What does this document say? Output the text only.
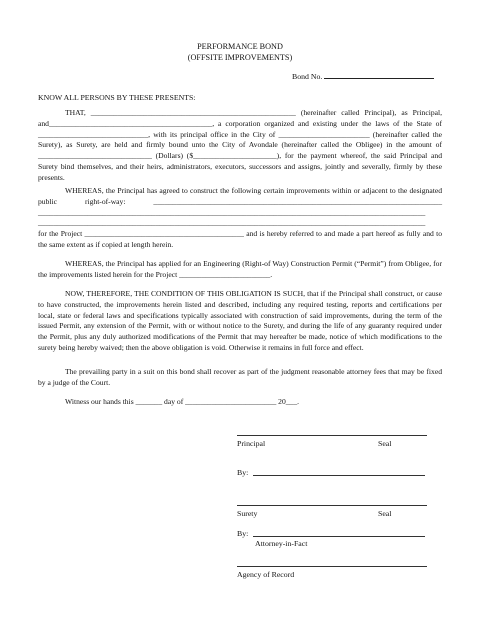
PERFORMANCE BOND
(OFFSITE IMPROVEMENTS)
Bond No.
KNOW ALL PERSONS BY THESE PRESENTS:
THAT, ______________________________________________________ (hereinafter called Principal), as Principal, and___________________________________________, a corporation organized and existing under the laws of the State of _____________________________, with its principal office in the City of ________________________ (hereinafter called the Surety), as Surety, are held and firmly bound unto the City of Avondale (hereinafter called the Obligee) in the amount of ______________________________ (Dollars) ($______________________), for the payment whereof, the said Principal and Surety bind themselves, and their heirs, administrators, executors, successors and assigns, jointly and severally, firmly by these presents.
WHEREAS, the Principal has agreed to construct the following certain improvements within or adjacent to the designated public right-of-way: ____________________________________________________________________________ ______________________________________________________________________________________________________ ______________________________________________________________________________________________________
for the Project __________________________________________ and is hereby referred to and made a part hereof as fully and to the same extent as if copied at length herein.
WHEREAS, the Principal has applied for an Engineering (Right-of Way) Construction Permit (“Permit”) from Obligee, for the improvements listed herein for the Project ________________________.
NOW, THEREFORE, THE CONDITION OF THIS OBLIGATION IS SUCH, that if the Principal shall construct, or cause to have constructed, the improvements herein listed and described, including any required testing, reports and certifications per local, state or federal laws and specifications typically associated with construction of said improvements, during the term of the issued Permit, any extension of the Permit, with or without notice to the Surety, and during the life of any guaranty required under the Permit, plus any duly authorized modifications of the Permit that may hereafter be made, notice of which modifications to the surety being hereby waived; then the above obligation is void. Otherwise it remains in full force and effect.
The prevailing party in a suit on this bond shall recover as part of the judgment reasonable attorney fees that may be fixed by a judge of the Court.
Witness our hands this _______ day of ________________________ 20___.
Principal	Seal
By:
Surety	Seal
By:
Attorney-in-Fact
Agency of Record
